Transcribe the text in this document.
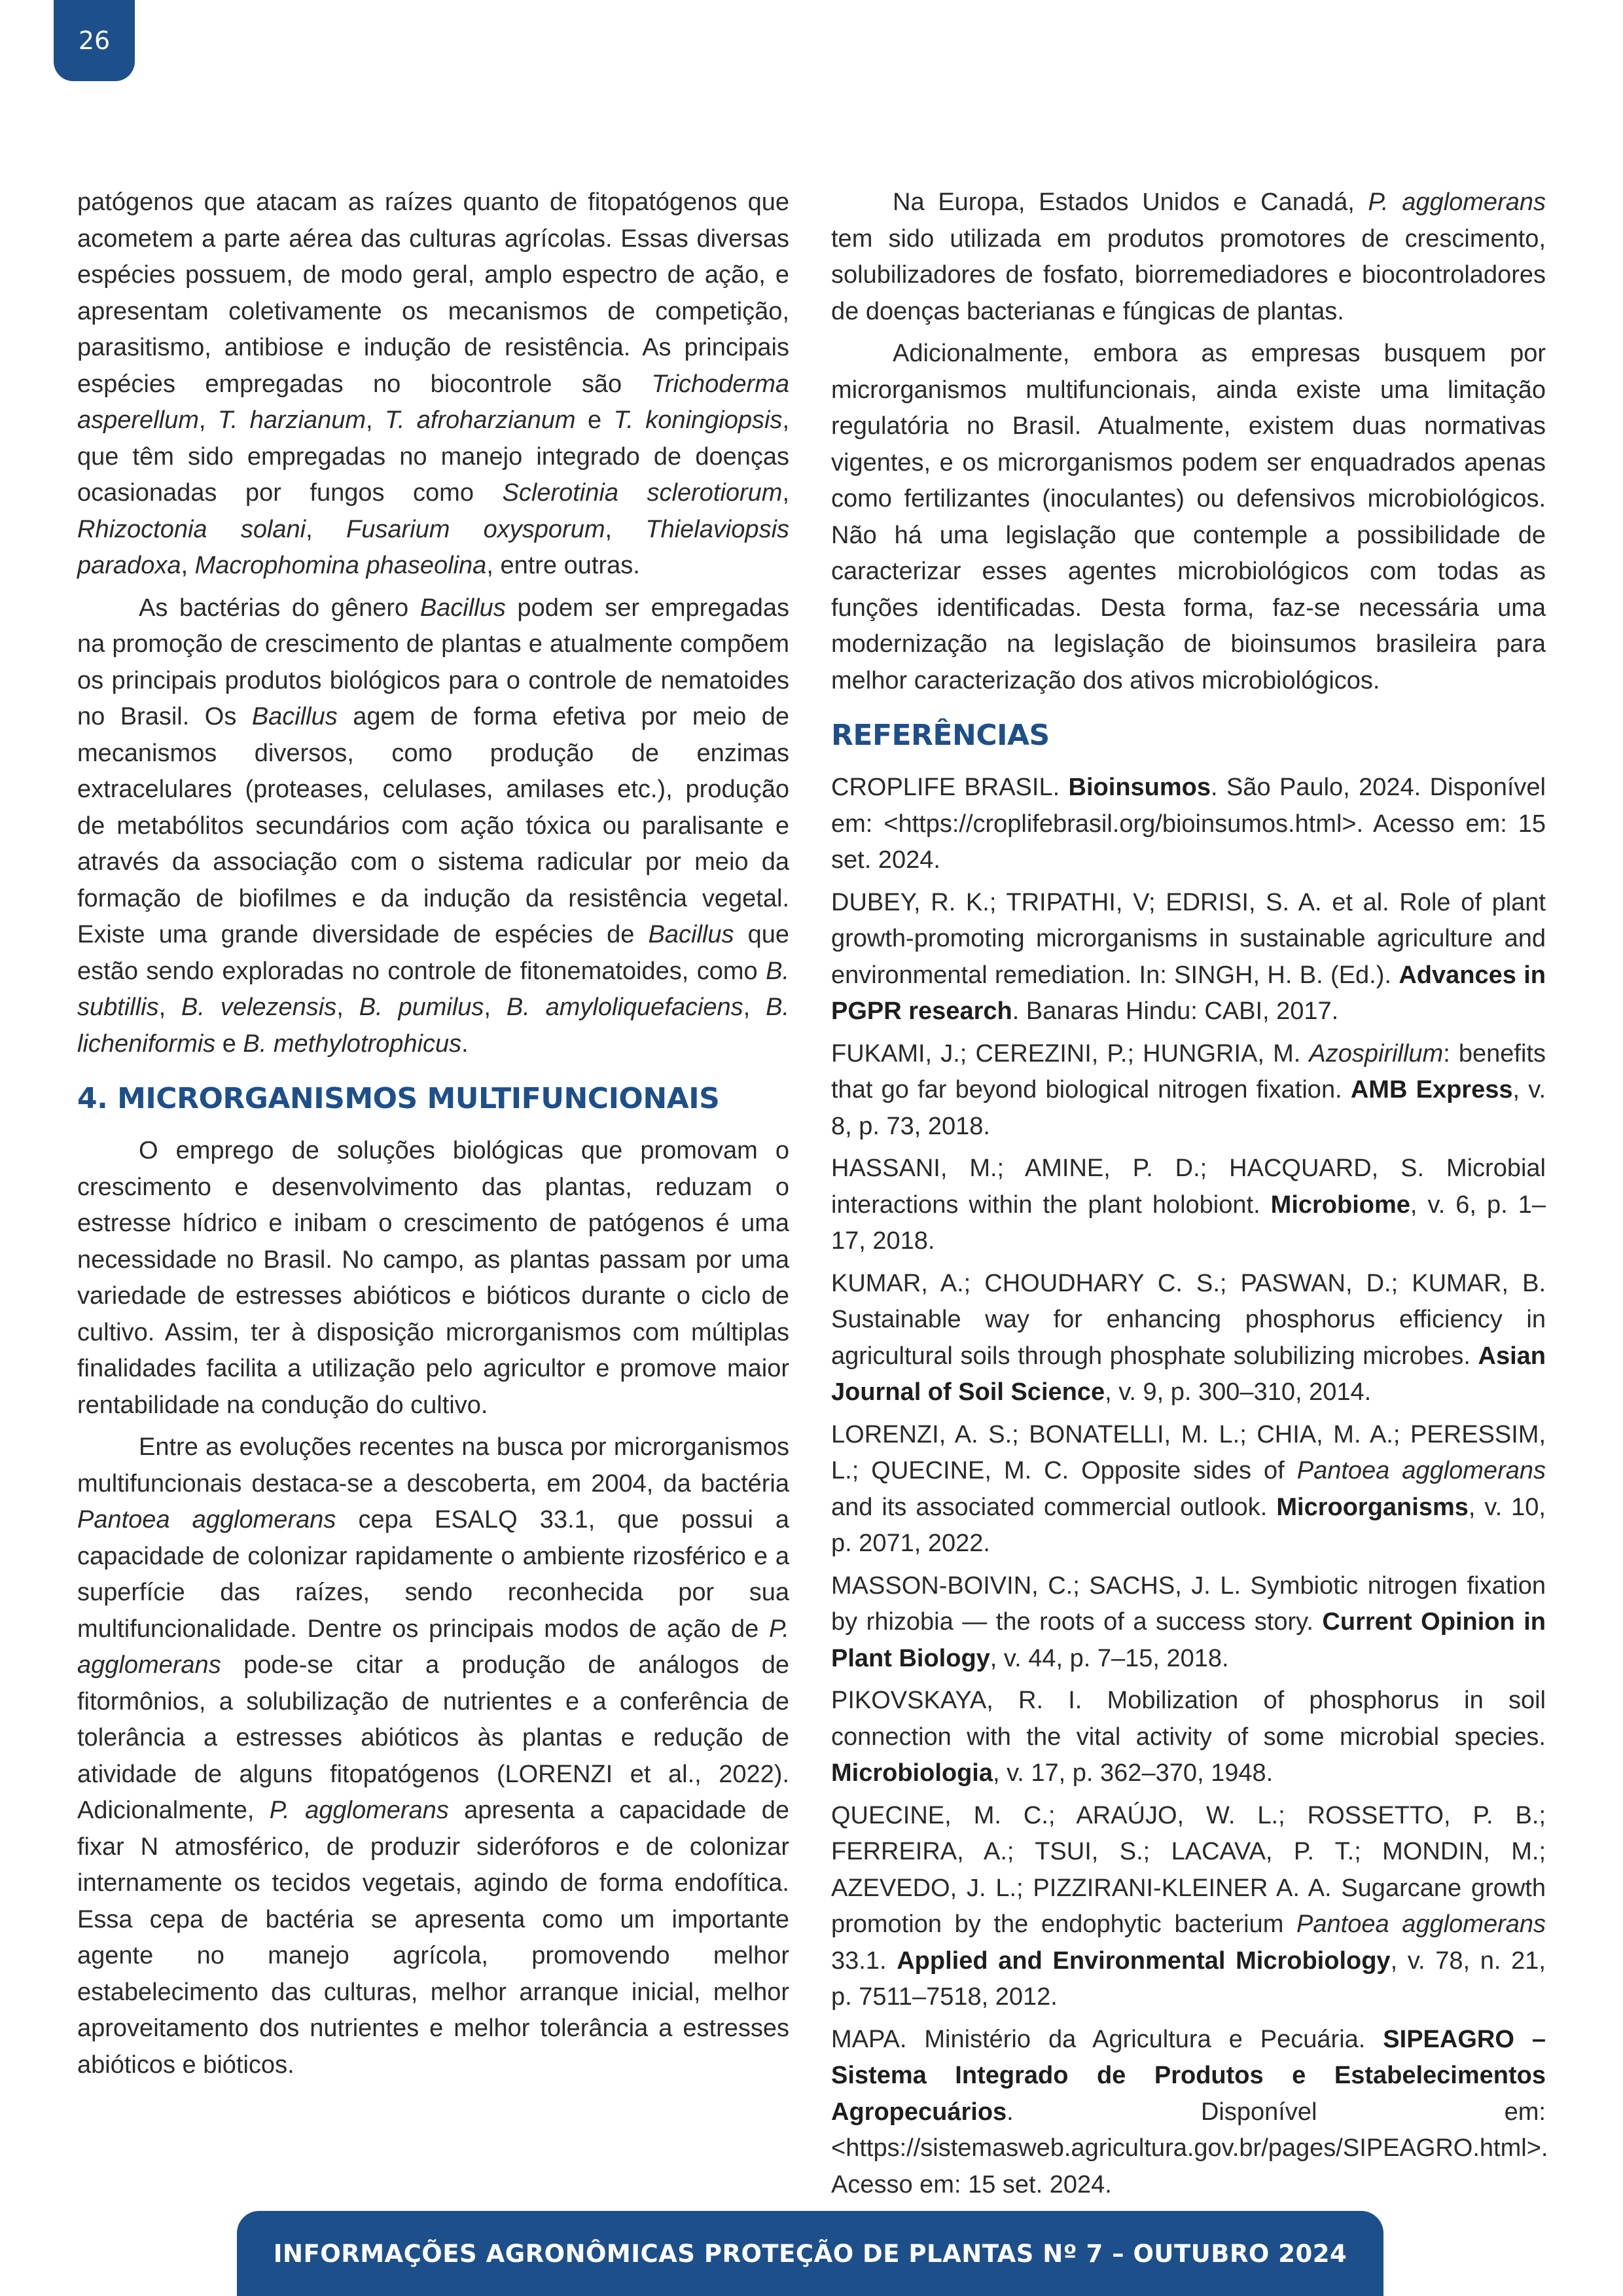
26

patógenos que atacam as raízes quanto de fitopatógenos que acometem a parte aérea das culturas agrícolas. Essas diversas espécies possuem, de modo geral, amplo espectro de ação, e apresentam coletivamente os mecanismos de competição, parasitismo, antibiose e indução de resistência. As principais espécies empregadas no biocontrole são Trichoderma asperellum, T. harzianum, T. afroharzianum e T. koningiopsis, que têm sido empregadas no manejo integrado de doenças ocasionadas por fungos como Sclerotinia sclerotiorum, Rhizoctonia solani, Fusarium oxysporum, Thielaviopsis paradoxa, Macrophomina phaseolina, entre outras.

As bactérias do gênero Bacillus podem ser empregadas na promoção de crescimento de plantas e atualmente compõem os principais produtos biológicos para o controle de nematoides no Brasil. Os Bacillus agem de forma efetiva por meio de mecanismos diversos, como produção de enzimas extracelulares (proteases, celulases, amilases etc.), produção de metabólitos secundários com ação tóxica ou paralisante e através da associação com o sistema radicular por meio da formação de biofilmes e da indução da resistência vegetal. Existe uma grande diversidade de espécies de Bacillus que estão sendo exploradas no controle de fitonematoides, como B. subtillis, B. velezensis, B. pumilus, B. amyloliquefaciens, B. licheniformis e B. methylotrophicus.

4. MICRORGANISMOS MULTIFUNCIONAIS

O emprego de soluções biológicas que promovam o crescimento e desenvolvimento das plantas, reduzam o estresse hídrico e inibam o crescimento de patógenos é uma necessidade no Brasil. No campo, as plantas passam por uma variedade de estresses abióticos e bióticos durante o ciclo de cultivo. Assim, ter à disposição microrganismos com múltiplas finalidades facilita a utilização pelo agricultor e promove maior rentabilidade na condução do cultivo.

Entre as evoluções recentes na busca por microrganismos multifuncionais destaca-se a descoberta, em 2004, da bactéria Pantoea agglomerans cepa ESALQ 33.1, que possui a capacidade de colonizar rapidamente o ambiente rizosférico e a superfície das raízes, sendo reconhecida por sua multifuncionalidade. Dentre os principais modos de ação de P. agglomerans pode-se citar a produção de análogos de fitormônios, a solubilização de nutrientes e a conferência de tolerância a estresses abióticos às plantas e redução de atividade de alguns fitopatógenos (LORENZI et al., 2022). Adicionalmente, P. agglomerans apresenta a capacidade de fixar N atmosférico, de produzir sideróforos e de colonizar internamente os tecidos vegetais, agindo de forma endofítica. Essa cepa de bactéria se apresenta como um importante agente no manejo agrícola, promovendo melhor estabelecimento das culturas, melhor arranque inicial, melhor aproveitamento dos nutrientes e melhor tolerância a estresses abióticos e bióticos.

Na Europa, Estados Unidos e Canadá, P. agglomerans tem sido utilizada em produtos promotores de crescimento, solubilizadores de fosfato, biorremediadores e biocontroladores de doenças bacterianas e fúngicas de plantas.

Adicionalmente, embora as empresas busquem por microrganismos multifuncionais, ainda existe uma limitação regulatória no Brasil. Atualmente, existem duas normativas vigentes, e os microrganismos podem ser enquadrados apenas como fertilizantes (inoculantes) ou defensivos microbiológicos. Não há uma legislação que contemple a possibilidade de caracterizar esses agentes microbiológicos com todas as funções identificadas. Desta forma, faz-se necessária uma modernização na legislação de bioinsumos brasileira para melhor caracterização dos ativos microbiológicos.

REFERÊNCIAS

CROPLIFE BRASIL. Bioinsumos. São Paulo, 2024. Disponível em: <https://croplifebrasil.org/bioinsumos.html>. Acesso em: 15 set. 2024.

DUBEY, R. K.; TRIPATHI, V; EDRISI, S. A. et al. Role of plant growth-promoting microrganisms in sustainable agriculture and environmental remediation. In: SINGH, H. B. (Ed.). Advances in PGPR research. Banaras Hindu: CABI, 2017.

FUKAMI, J.; CEREZINI, P.; HUNGRIA, M. Azospirillum: benefits that go far beyond biological nitrogen fixation. AMB Express, v. 8, p. 73, 2018.

HASSANI, M.; AMINE, P. D.; HACQUARD, S. Microbial interactions within the plant holobiont. Microbiome, v. 6, p. 1–17, 2018.

KUMAR, A.; CHOUDHARY C. S.; PASWAN, D.; KUMAR, B. Sustainable way for enhancing phosphorus efficiency in agricultural soils through phosphate solubilizing microbes. Asian Journal of Soil Science, v. 9, p. 300–310, 2014.

LORENZI, A. S.; BONATELLI, M. L.; CHIA, M. A.; PERESSIM, L.; QUECINE, M. C. Opposite sides of Pantoea agglomerans and its associated commercial outlook. Microorganisms, v. 10, p. 2071, 2022.

MASSON-BOIVIN, C.; SACHS, J. L. Symbiotic nitrogen fixation by rhizobia — the roots of a success story. Current Opinion in Plant Biology, v. 44, p. 7–15, 2018.

PIKOVSKAYA, R. I. Mobilization of phosphorus in soil connection with the vital activity of some microbial species. Microbiologia, v. 17, p. 362–370, 1948.

QUECINE, M. C.; ARAÚJO, W. L.; ROSSETTO, P. B.; FERREIRA, A.; TSUI, S.; LACAVA, P. T.; MONDIN, M.; AZEVEDO, J. L.; PIZZIRANI-KLEINER A. A. Sugarcane growth promotion by the endophytic bacterium Pantoea agglomerans 33.1. Applied and Environmental Microbiology, v. 78, n. 21, p. 7511–7518, 2012.

MAPA. Ministério da Agricultura e Pecuária. SIPEAGRO – Sistema Integrado de Produtos e Estabelecimentos Agropecuários. Disponível em: <https://sistemasweb.agricultura.gov.br/pages/SIPEAGRO.html>. Acesso em: 15 set. 2024.

INFORMAÇÕES AGRONÔMICAS PROTEÇÃO DE PLANTAS Nº 7 – OUTUBRO 2024
